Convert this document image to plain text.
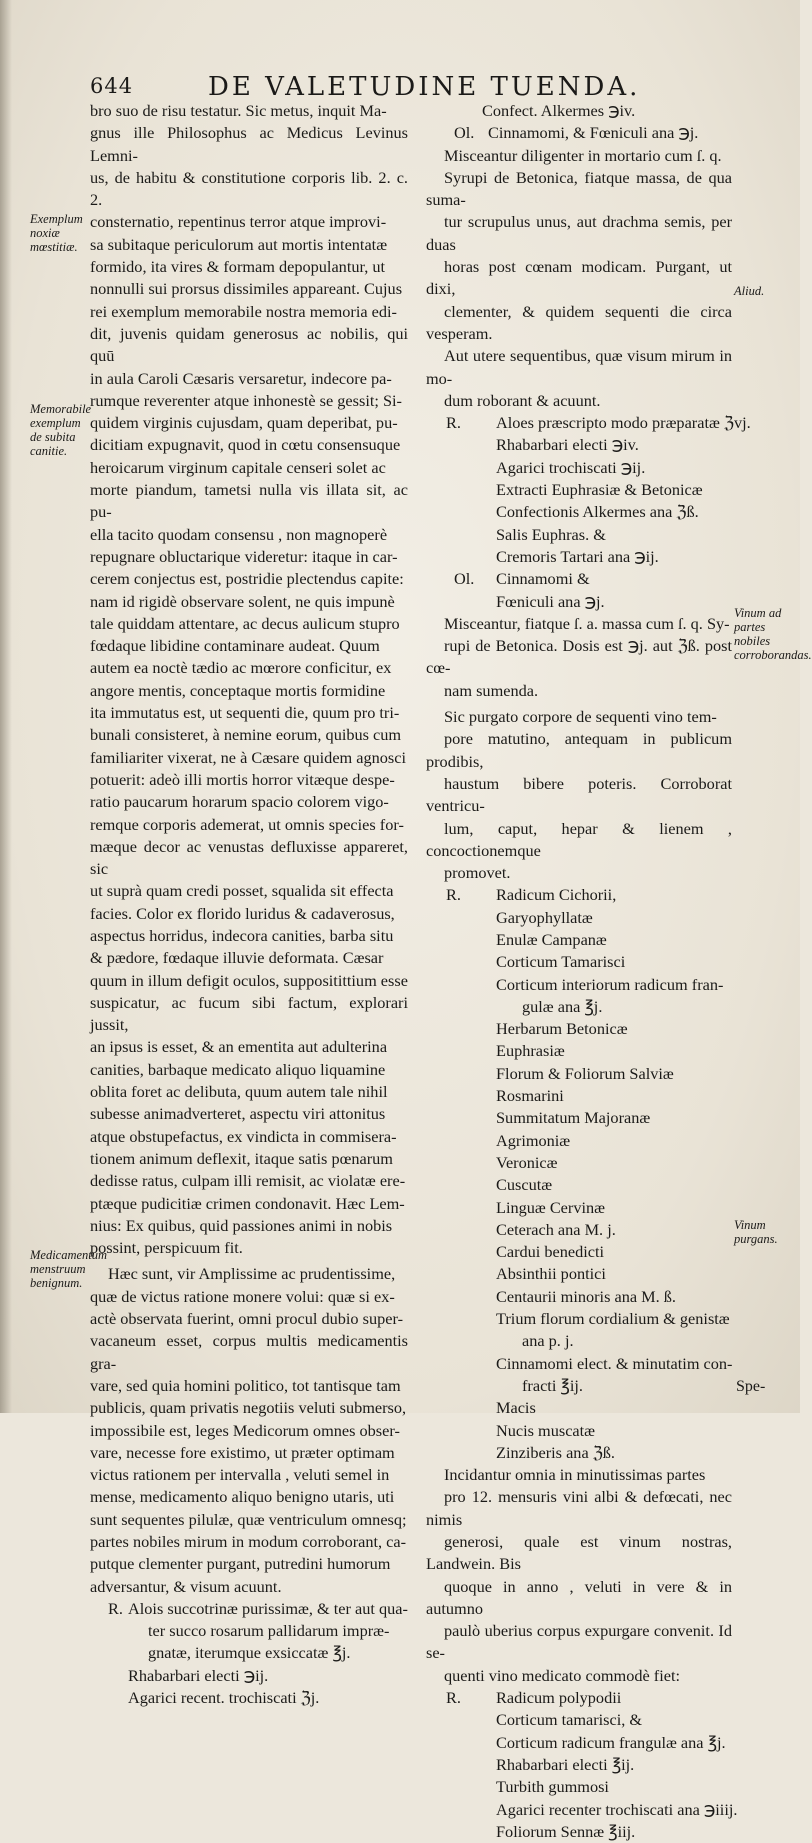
644	DE VALETUDINE TUENDA.

bro suo de risu testatur. Sic metus, inquit Ma-
gnus ille Philosophus ac Medicus Levinus Lemni-
us, de habitu & constitutione corporis lib. 2. c. 2.
consternatio, repentinus terror atque improvi-
sa subitaque periculorum aut mortis intentatæ
formido, ita vires & formam depopulantur, ut
nonnulli sui prorsus dissimiles appareant. Cujus
rei exemplum memorabile nostra memoria edi-
dit, juvenis quidam generosus ac nobilis, qui quū
in aula Caroli Cæsaris versaretur, indecore pa-
rumque reverenter atque inhonestè se gessit; Si-
quidem virginis cujusdam, quam deperibat, pu-
dicitiam expugnavit, quod in cœtu consensuque
heroicarum virginum capitale censeri solet ac
morte piandum, tametsi nulla vis illata sit, ac pu-
ella tacito quodam consensu , non magnoperè
repugnare obluctarique videretur: itaque in car-
cerem conjectus est, postridie plectendus capite:
nam id rigidè observare solent, ne quis impunè
tale quiddam attentare, ac decus aulicum stupro
fœdaque libidine contaminare audeat. Quum
autem ea noctè tædio ac mœrore conficitur, ex
angore mentis, conceptaque mortis formidine
ita immutatus est, ut sequenti die, quum pro tri-
bunali consisteret, à nemine eorum, quibus cum
familiariter vixerat, ne à Cæsare quidem agnosci
potuerit: adeò illi mortis horror vitæque despe-
ratio paucarum horarum spacio colorem vigo-
remque corporis ademerat, ut omnis species for-
mæque decor ac venustas defluxisse appareret, sic
ut suprà quam credi posset, squalida sit effecta
facies. Color ex florido luridus & cadaverosus,
aspectus horridus, indecora canities, barba situ
& pædore, fœdaque illuvie deformata. Cæsar
quum in illum defigit oculos, suppositittium esse
suspicatur, ac fucum sibi factum, explorari jussit,
an ipsus is esset, & an ementita aut adulterina
canities, barbaque medicato aliquo liquamine
oblita foret ac delibuta, quum autem tale nihil
subesse animadverteret, aspectu viri attonitus
atque obstupefactus, ex vindicta in commisera-
tionem animum deflexit, itaque satis pœnarum
dedisse ratus, culpam illi remisit, ac violatæ ere-
ptæque pudicitiæ crimen condonavit. Hæc Lem-
nius: Ex quibus, quid passiones animi in nobis
possint, perspicuum fit.

Hæc sunt, vir Amplissime ac prudentissime,
quæ de victus ratione monere volui: quæ si ex-
actè observata fuerint, omni procul dubio super-
vacaneum esset, corpus multis medicamentis gra-
vare, sed quia homini politico, tot tantisque tam
publicis, quam privatis negotiis veluti submerso,
impossibile est, leges Medicorum omnes obser-
vare, necesse fore existimo, ut præter optimam
victus rationem per intervalla , veluti semel in
mense, medicamento aliquo benigno utaris, uti
sunt sequentes pilulæ, quæ ventriculum omnesq;
partes nobiles mirum in modum corroborant, ca-
putque clementer purgant, putredini humorum
adversantur, & visum acuunt.

R. Alois succotrinæ purissimæ, & ter aut qua-
ter succo rosarum pallidarum impræ-
gnatæ, iterumque exsiccatæ ℥j.
Rhabarbari electi ℈ij.
Agarici recent. trochiscati ℨj.
Confect. Alkermes ℈iv.
Ol. Cinnamomi, & Fœniculi ana ℈j.

Misceantur diligenter in mortario cum ſ. q.
Syrupi de Betonica, fiatque massa, de qua suma-
tur scrupulus unus, aut drachma semis, per duas
horas post cœnam modicam. Purgant, ut dixi,
clementer, & quidem sequenti die circa vesperam.
Aut utere sequentibus, quæ visum mirum in mo-
dum roborant & acuunt.

R. Aloes præscripto modo præparatæ ℨvj.
Rhabarbari electi ℈iv.
Agarici trochiscati ℈ij.
Extracti Euphrasiæ & Betonicæ
Confectionis Alkermes ana ℨß.
Salis Euphras. &
Cremoris Tartari ana ℈ij.
Ol. Cinnamomi &
Fœniculi ana ℈j.

Misceantur, fiatque ſ. a. massa cum ſ. q. Sy-
rupi de Betonica. Dosis est ℈j. aut ℨß. post cœ-
nam sumenda.

Sic purgato corpore de sequenti vino tem-
pore matutino, antequam in publicum prodibis,
haustum bibere poteris. Corroborat ventricu-
lum, caput, hepar & lienem , concoctionemque
promovet.

R. Radicum Cichorii,
Garyophyllatæ
Enulæ Campanæ
Corticum Tamarisci
Corticum interiorum radicum fran-
gulæ ana ℥j.
Herbarum Betonicæ
Euphrasiæ
Florum & Foliorum Salviæ
Rosmarini
Summitatum Majoranæ
Agrimoniæ
Veronicæ
Cuscutæ
Linguæ Cervinæ
Ceterach ana M. j.
Cardui benedicti
Absinthii pontici
Centaurii minoris ana M. ß.
Trium florum cordialium & genistæ
ana p. j.
Cinnamomi elect. & minutatim con-
fracti ℥ij.
Macis
Nucis muscatæ
Zinziberis ana ℨß.

Incidantur omnia in minutissimas partes
pro 12. mensuris vini albi & defœcati, nec nimis
generosi, quale est vinum nostras, Landwein. Bis
quoque in anno , veluti in vere & in autumno
paulò uberius corpus expurgare convenit. Id se-
quenti vino medicato commodè fiet:

R. Radicum polypodii
Corticum tamarisci, &
Corticum radicum frangulæ ana ℥j.
Rhabarbari electi ℥ij.
Turbith gummosi
Agarici recenter trochiscati ana ℈iiij.
Foliorum Sennæ ℥iij.
Exemplum noxiæ mœstitiæ.
Memorabile exemplum de subita canitie.
Medicamentum menstruum benignum.
Aliud.
Vinum ad partes nobiles corroborandas.
Vinum purgans.
Spe-
